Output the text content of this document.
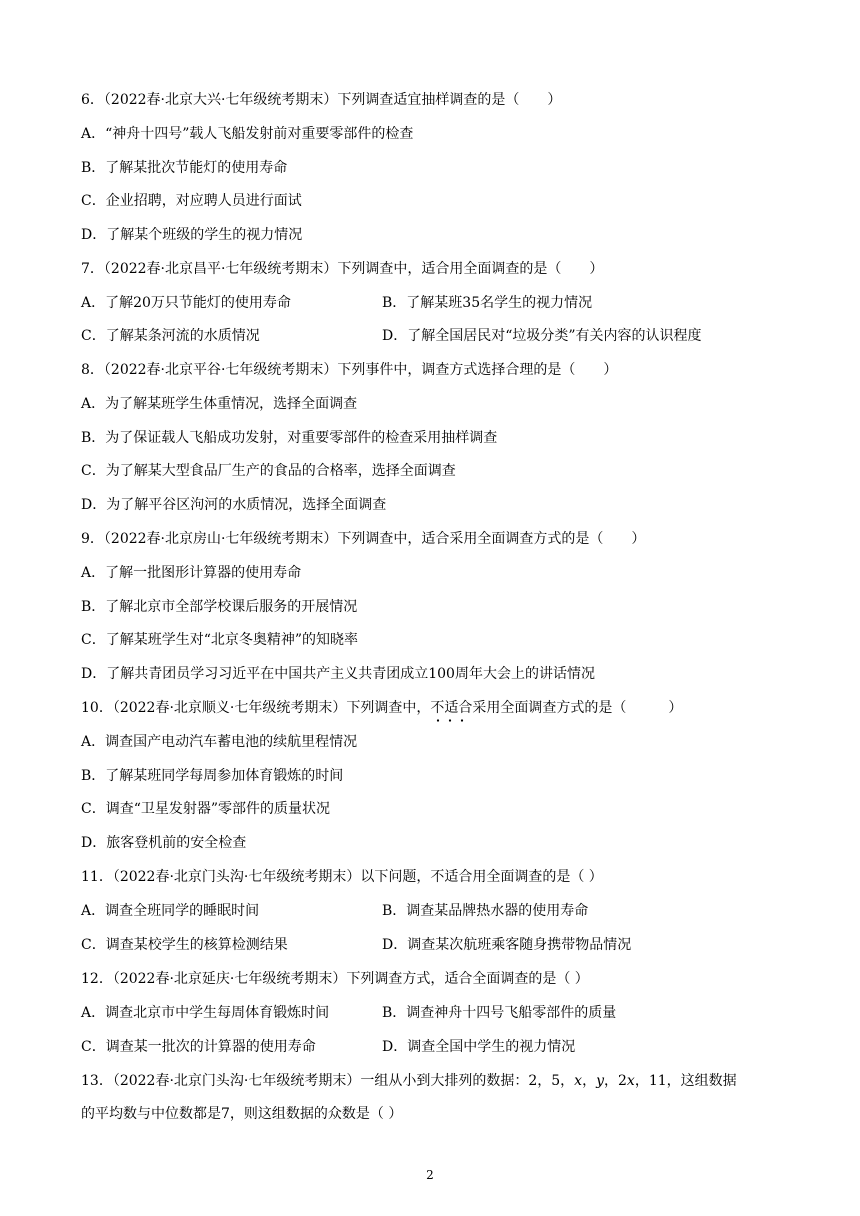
6．（2022春·北京大兴·七年级统考期末）下列调查适宜抽样调查的是（　　）
A．“神舟十四号”载人飞船发射前对重要零部件的检查
B．了解某批次节能灯的使用寿命
C．企业招聘，对应聘人员进行面试
D．了解某个班级的学生的视力情况
7．（2022春·北京昌平·七年级统考期末）下列调查中，适合用全面调查的是（　　）
A．了解20万只节能灯的使用寿命	B．了解某班35名学生的视力情况
C．了解某条河流的水质情况	D．了解全国居民对“垃圾分类”有关内容的认识程度
8．（2022春·北京平谷·七年级统考期末）下列事件中，调查方式选择合理的是（　　）
A．为了解某班学生体重情况，选择全面调查
B．为了保证载人飞船成功发射，对重要零部件的检查采用抽样调查
C．为了解某大型食品厂生产的食品的合格率，选择全面调查
D．为了解平谷区泃河的水质情况，选择全面调查
9．（2022春·北京房山·七年级统考期末）下列调查中，适合采用全面调查方式的是（　　）
A．了解一批图形计算器的使用寿命
B．了解北京市全部学校课后服务的开展情况
C．了解某班学生对“北京冬奥精神”的知晓率
D．了解共青团员学习习近平在中国共产主义共青团成立100周年大会上的讲话情况
10．（2022春·北京顺义·七年级统考期末）下列调查中，不适合采用全面调查方式的是（　　　）
A．调查国产电动汽车蓄电池的续航里程情况
B．了解某班同学每周参加体育锻炼的时间
C．调查“卫星发射器”零部件的质量状况
D．旅客登机前的安全检查
11．（2022春·北京门头沟·七年级统考期末）以下问题，不适合用全面调查的是（ ）
A．调查全班同学的睡眠时间	B．调查某品牌热水器的使用寿命
C．调查某校学生的核算检测结果	D．调查某次航班乘客随身携带物品情况
12．（2022春·北京延庆·七年级统考期末）下列调查方式，适合全面调查的是（ ）
A．调查北京市中学生每周体育锻炼时间	B．调查神舟十四号飞船零部件的质量
C．调查某一批次的计算器的使用寿命	D．调查全国中学生的视力情况
13．（2022春·北京门头沟·七年级统考期末）一组从小到大排列的数据：2，5，x，y，2x，11，这组数据
的平均数与中位数都是7，则这组数据的众数是（ ）
2
